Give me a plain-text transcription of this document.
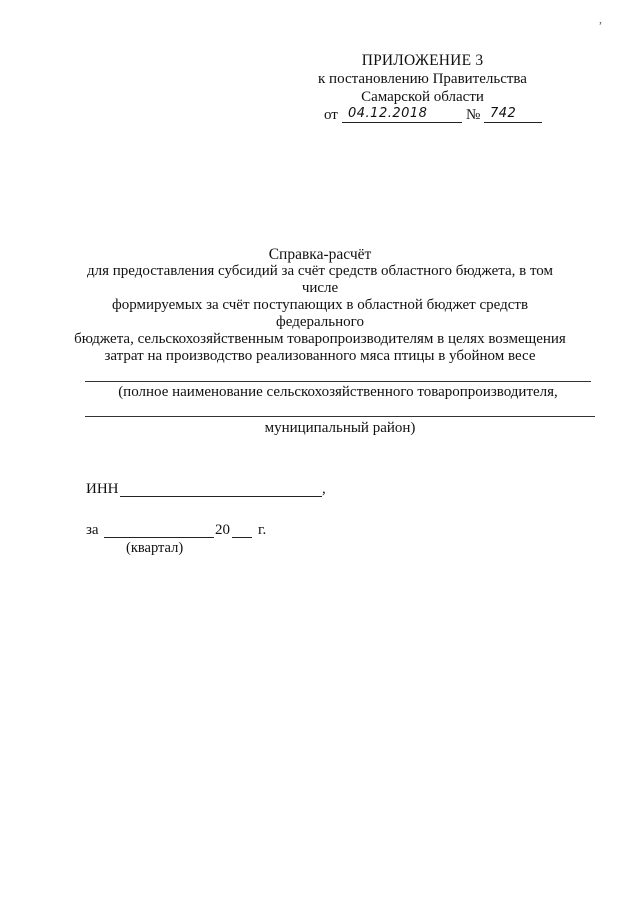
,
ПРИЛОЖЕНИЕ 3
к постановлению Правительства
Самарской области
от 04.12.2018	№ 742
Справка-расчёт
для предоставления субсидий за счёт средств областного бюджета, в том числе
формируемых за счёт поступающих в областной бюджет средств федерального
бюджета, сельскохозяйственным товаропроизводителям в целях возмещения
затрат на производство реализованного мяса птицы в убойном весе
(полное наименование сельскохозяйственного товаропроизводителя,
муниципальный район)
ИНН	,
за	20 г.
(квартал)
